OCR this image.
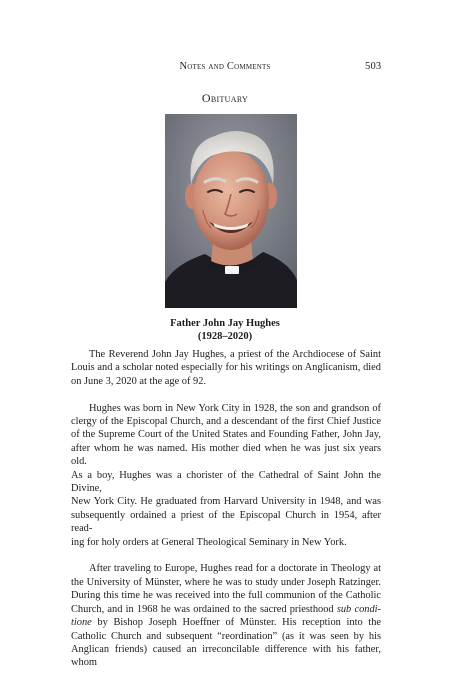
Notes and Comments	503
Obituary
Father John Jay Hughes
(1928–2020)

The Reverend John Jay Hughes, a priest of the Archdiocese of Saint
Louis and a scholar noted especially for his writings on Anglicanism, died
on June 3, 2020 at the age of 92.

Hughes was born in New York City in 1928, the son and grandson of
clergy of the Episcopal Church, and a descendant of the first Chief Justice
of the Supreme Court of the United States and Founding Father, John Jay,
after whom he was named. His mother died when he was just six years old.
As a boy, Hughes was a chorister of the Cathedral of Saint John the Divine,
New York City. He graduated from Harvard University in 1948, and was
subsequently ordained a priest of the Episcopal Church in 1954, after read-
ing for holy orders at General Theological Seminary in New York.

After traveling to Europe, Hughes read for a doctorate in Theology at
the University of Münster, where he was to study under Joseph Ratzinger.
During this time he was received into the full communion of the Catholic
Church, and in 1968 he was ordained to the sacred priesthood sub condi-
tione by Bishop Joseph Hoeffner of Münster. His reception into the
Catholic Church and subsequent “reordination” (as it was seen by his
Anglican friends) caused an irreconcilable difference with his father, whom
